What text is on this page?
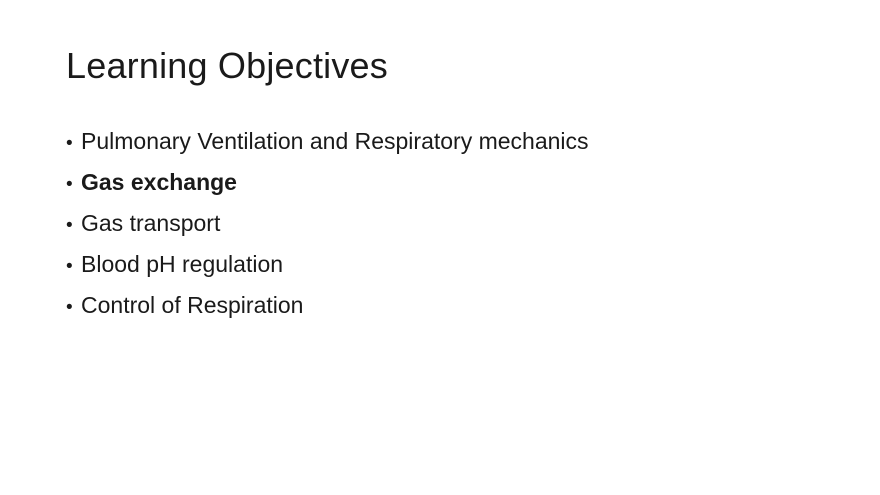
Learning Objectives
• Pulmonary Ventilation and Respiratory mechanics
• Gas exchange
• Gas transport
• Blood pH regulation
• Control of Respiration
